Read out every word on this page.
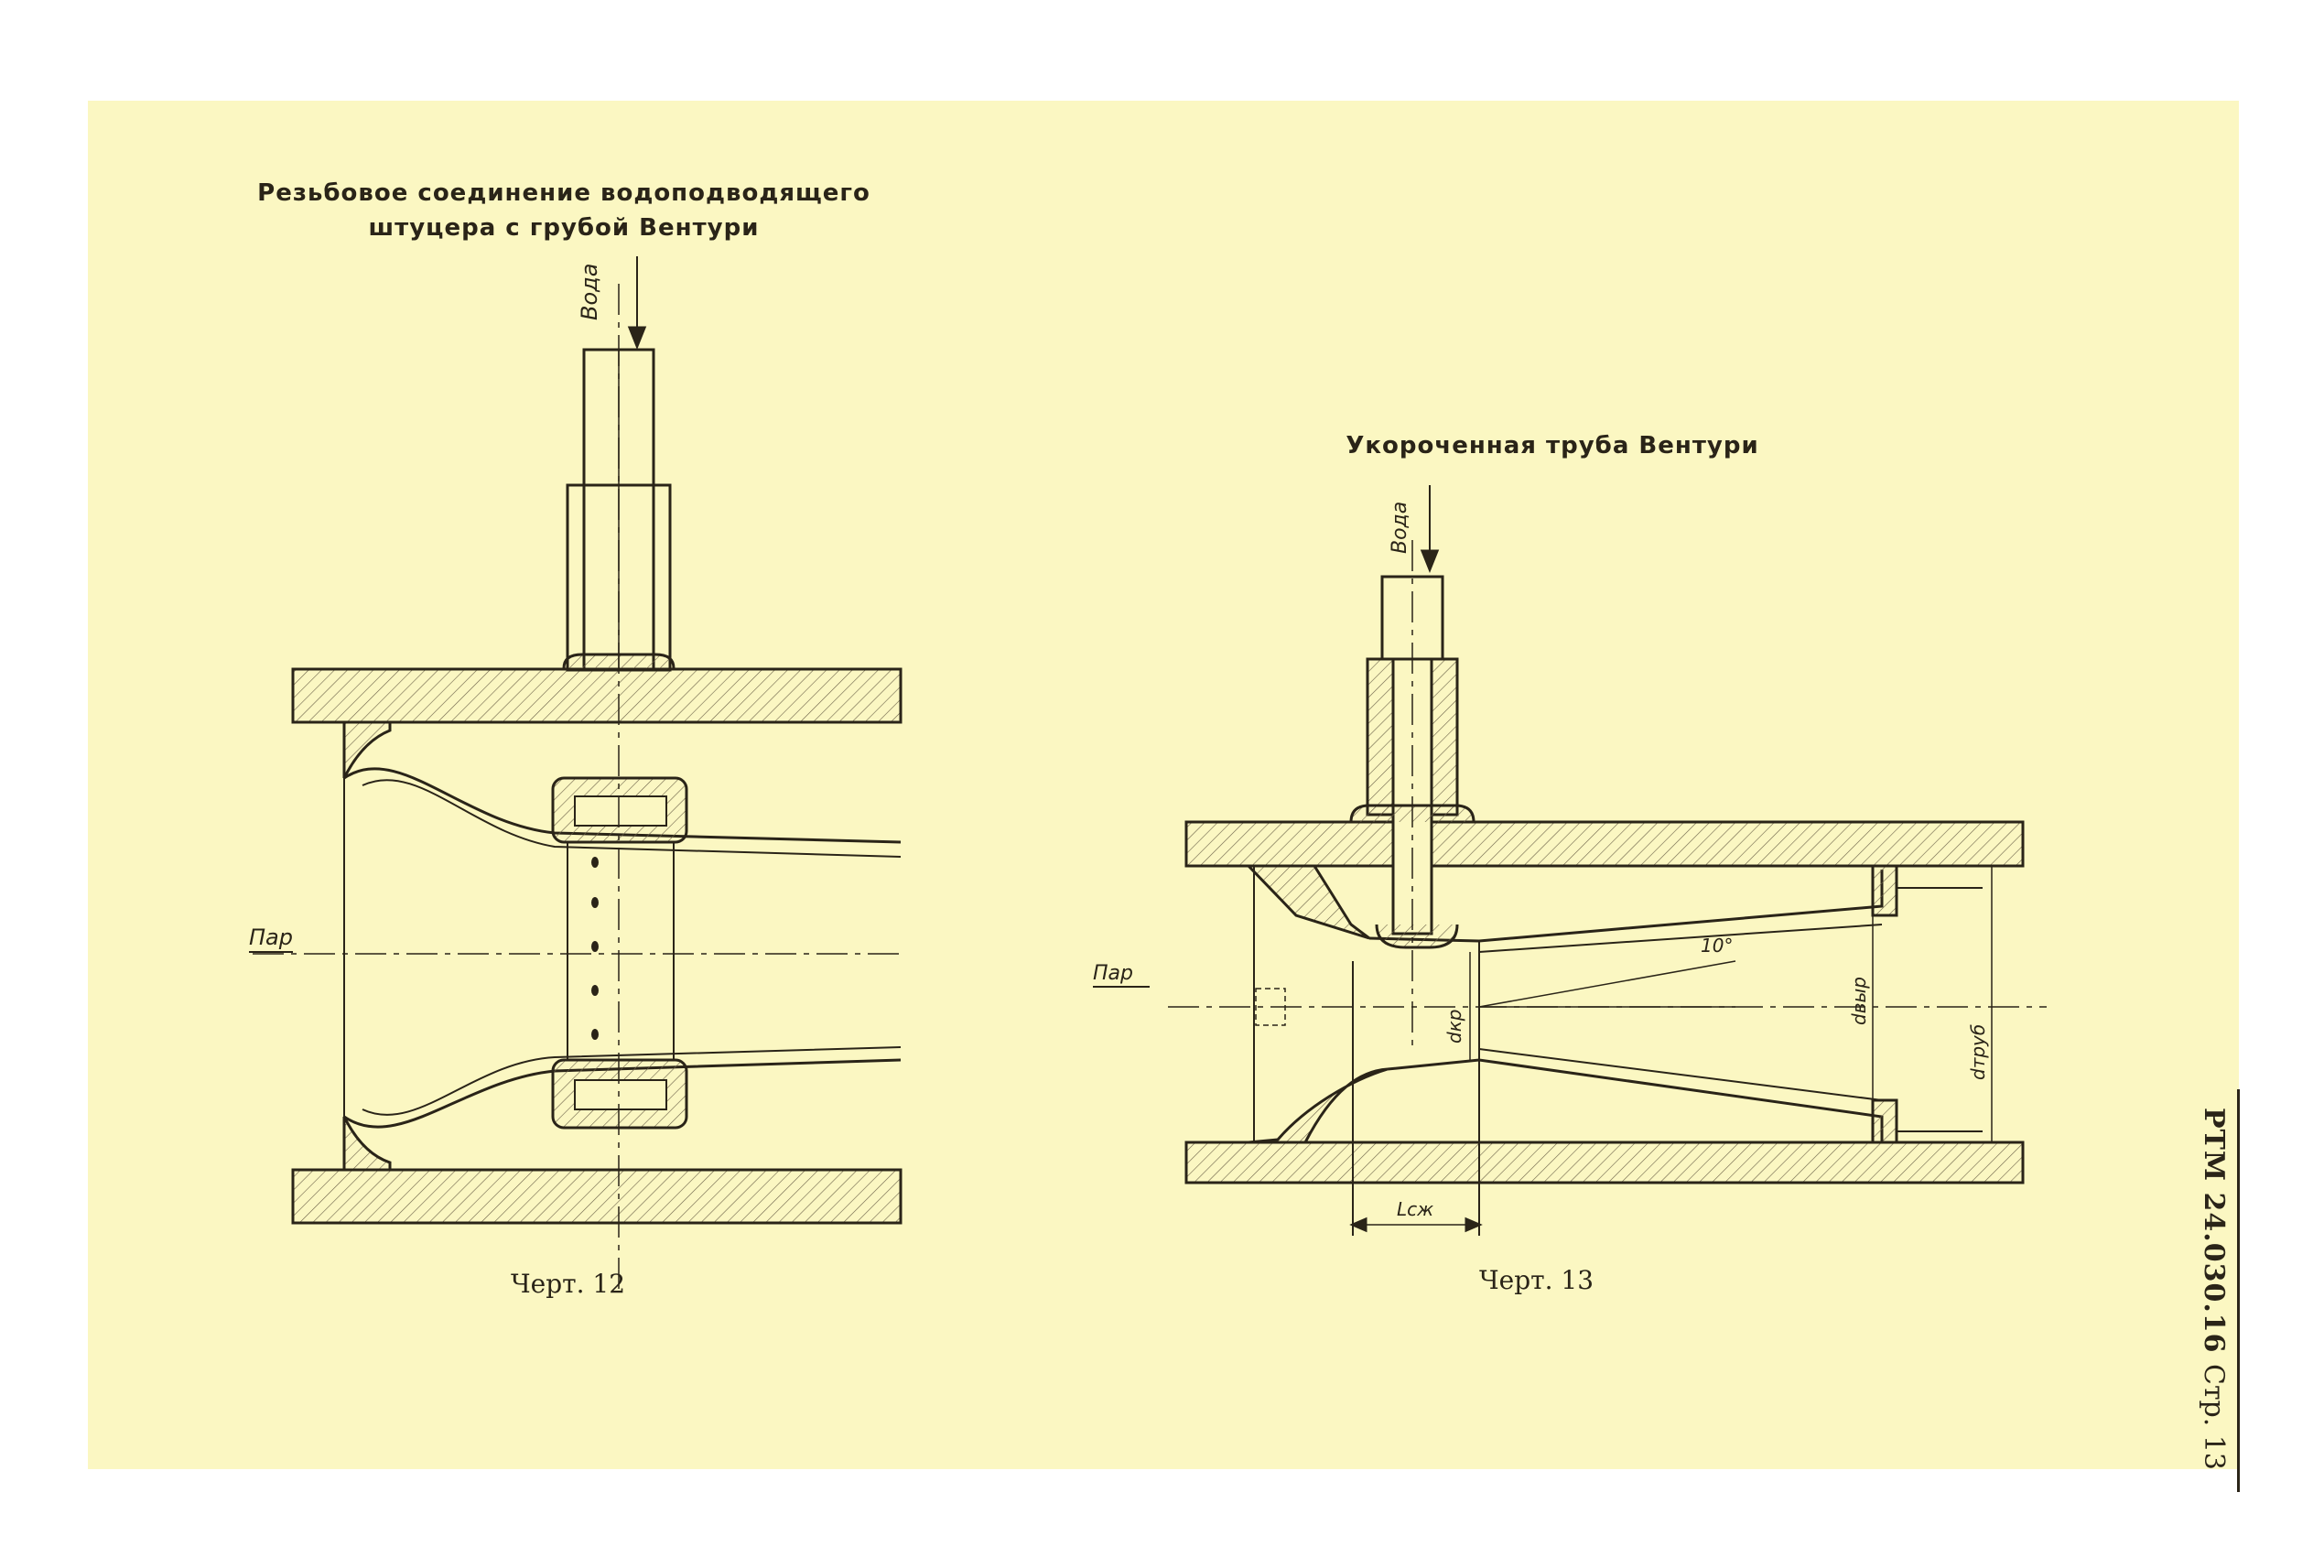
Резьбовое соединение водоподводящего
штуцера с грубой Вентури
Укороченная труба Вентури
Вода
Пар
Вода
Пар
10°
dкр
dвыр
dтруб
Lсж
Черт. 12	Черт. 13	РТМ 24.030.16
Стр. 13
